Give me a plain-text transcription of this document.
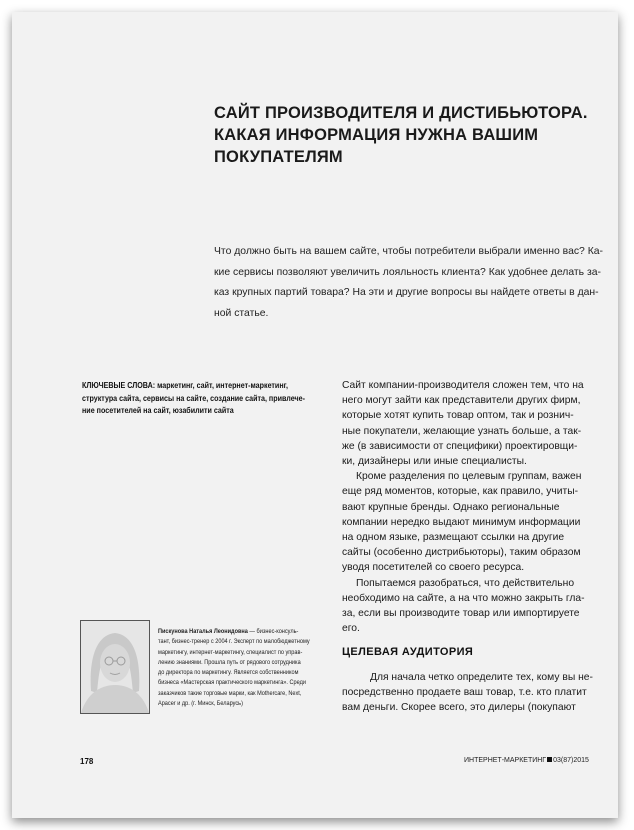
САЙТ ПРОИЗВОДИТЕЛЯ И ДИСТИБЬЮТОРА.
КАКАЯ ИНФОРМАЦИЯ НУЖНА ВАШИМ
ПОКУПАТЕЛЯМ

Что должно быть на вашем сайте, чтобы потребители выбрали именно вас? Ка-
кие сервисы позволяют увеличить лояльность клиента? Как удобнее делать за-
каз крупных партий товара? На эти и другие вопросы вы найдете ответы в дан-
ной статье.

КЛЮЧЕВЫЕ СЛОВА: маркетинг, сайт, интернет-маркетинг,
структура сайта, сервисы на сайте, создание сайта, привлече-
ние посетителей на сайт, юзабилити сайта
Сайт компании-производителя сложен тем, что на
него могут зайти как представители других фирм,
которые хотят купить товар оптом, так и рознич-
ные покупатели, желающие узнать больше, а так-
же (в зависимости от специфики) проектировщи-
ки, дизайнеры или иные специалисты.
Кроме разделения по целевым группам, важен
еще ряд моментов, которые, как правило, учиты-
вают крупные бренды. Однако региональные
компании нередко выдают минимум информации
на одном языке, размещают ссылки на другие
сайты (особенно дистрибьюторы), таким образом
уводя посетителей со своего ресурса.
Попытаемся разобраться, что действительно
необходимо на сайте, а на что можно закрыть гла-
за, если вы производите товар или импортируете
его.
ЦЕЛЕВАЯ АУДИТОРИЯ
Для начала четко определите тех, кому вы не-
посредственно продаете ваш товар, т.е. кто платит
вам деньги. Скорее всего, это дилеры (покупают
Пискунова Наталья Леонидовна — бизнес-консуль-
тант, бизнес-тренер с 2004 г. Эксперт по малобюджетному
маркетингу, интернет-маркетингу, специалист по управ-
лению знаниями. Прошла путь от рядового сотрудника
до директора по маркетингу. Является собственником
бизнеса «Мастерская практического маркетинга». Среди
заказчиков такие торговые марки, как Mothercare, Next,
Apacer и др. (г. Минск, Беларусь)
178	ИНТЕРНЕТ-МАРКЕТИНГ 03(87)2015
